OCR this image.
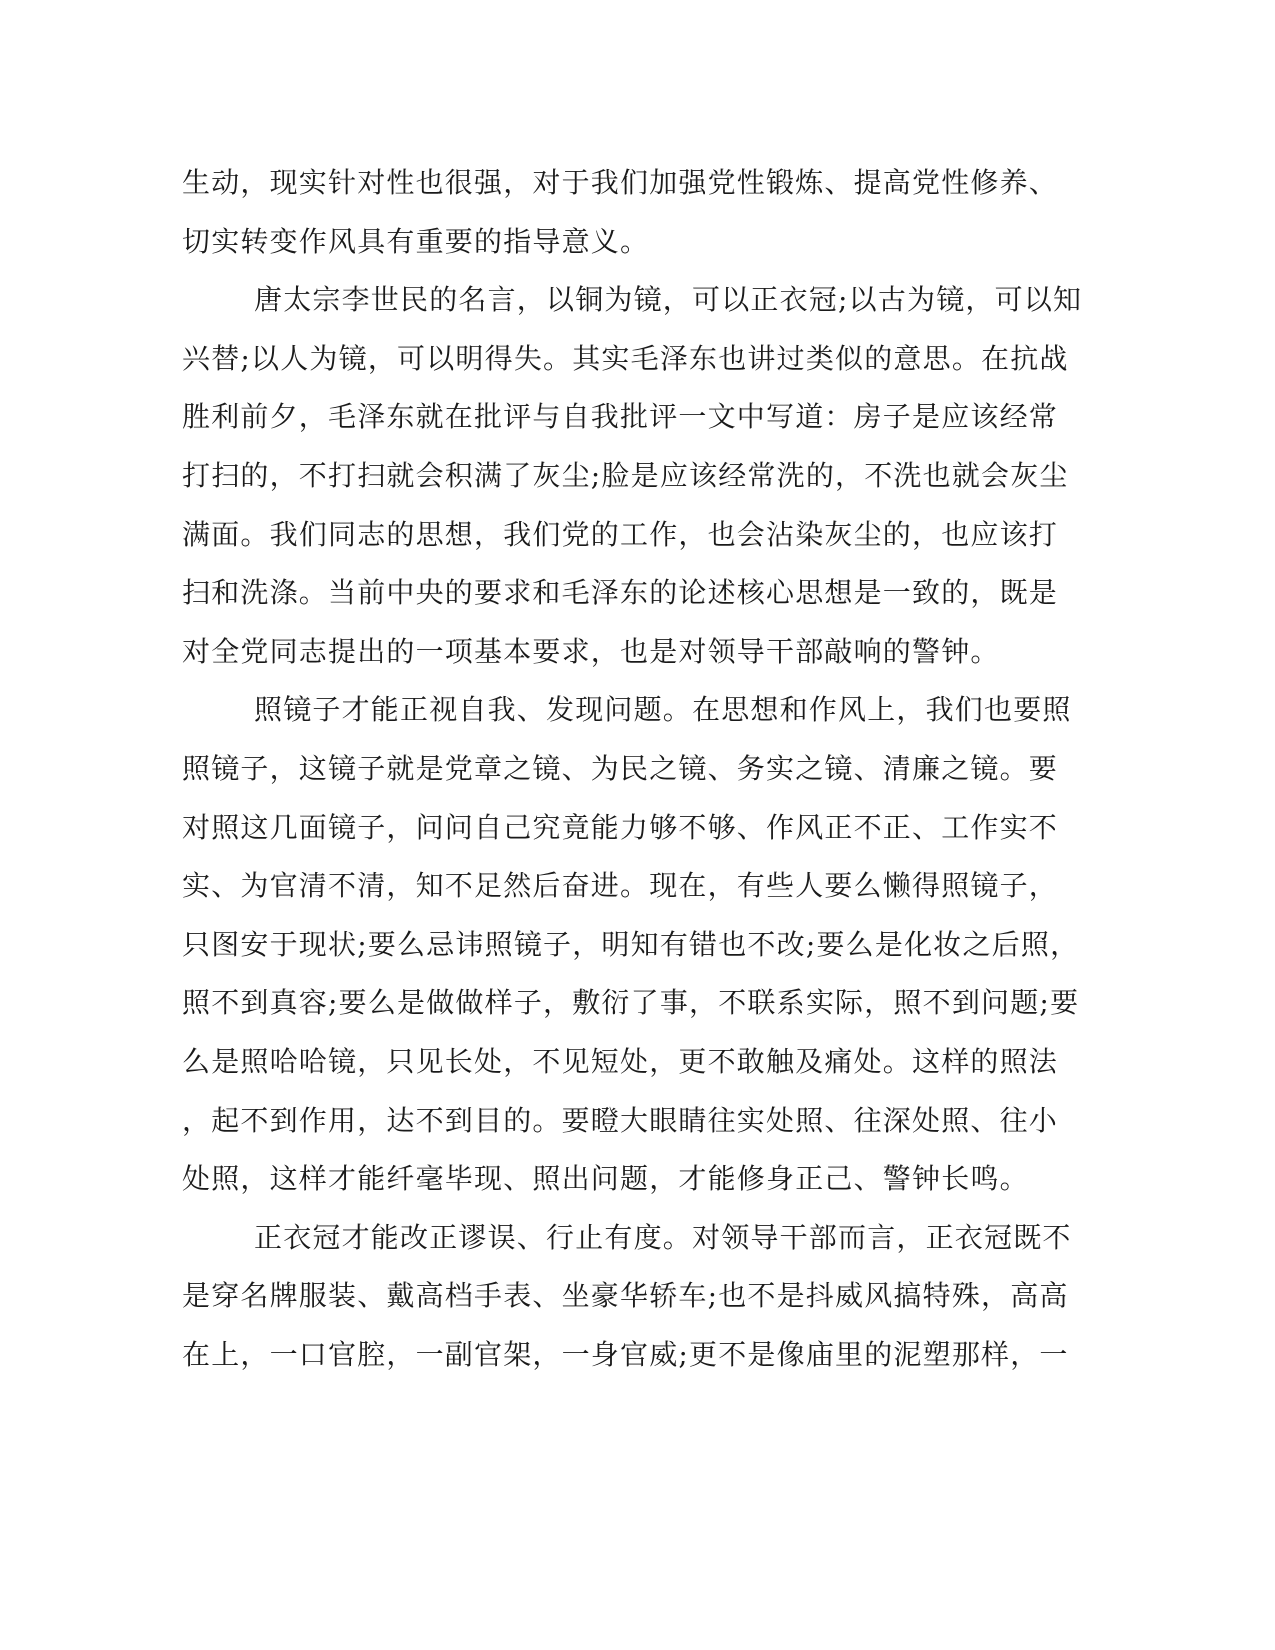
生动，现实针对性也很强，对于我们加强党性锻炼、提高党性修养、
切实转变作风具有重要的指导意义。
唐太宗李世民的名言，以铜为镜，可以正衣冠;以古为镜，可以知
兴替;以人为镜，可以明得失。其实毛泽东也讲过类似的意思。在抗战
胜利前夕，毛泽东就在批评与自我批评一文中写道：房子是应该经常
打扫的，不打扫就会积满了灰尘;脸是应该经常洗的，不洗也就会灰尘
满面。我们同志的思想，我们党的工作，也会沾染灰尘的，也应该打
扫和洗涤。当前中央的要求和毛泽东的论述核心思想是一致的，既是
对全党同志提出的一项基本要求，也是对领导干部敲响的警钟。
照镜子才能正视自我、发现问题。在思想和作风上，我们也要照
照镜子，这镜子就是党章之镜、为民之镜、务实之镜、清廉之镜。要
对照这几面镜子，问问自己究竟能力够不够、作风正不正、工作实不
实、为官清不清，知不足然后奋进。现在，有些人要么懒得照镜子，
只图安于现状;要么忌讳照镜子，明知有错也不改;要么是化妆之后照，
照不到真容;要么是做做样子，敷衍了事，不联系实际，照不到问题;要
么是照哈哈镜，只见长处，不见短处，更不敢触及痛处。这样的照法
，起不到作用，达不到目的。要瞪大眼睛往实处照、往深处照、往小
处照，这样才能纤毫毕现、照出问题，才能修身正己、警钟长鸣。
正衣冠才能改正谬误、行止有度。对领导干部而言，正衣冠既不
是穿名牌服装、戴高档手表、坐豪华轿车;也不是抖威风搞特殊，高高
在上，一口官腔，一副官架，一身官威;更不是像庙里的泥塑那样，一
